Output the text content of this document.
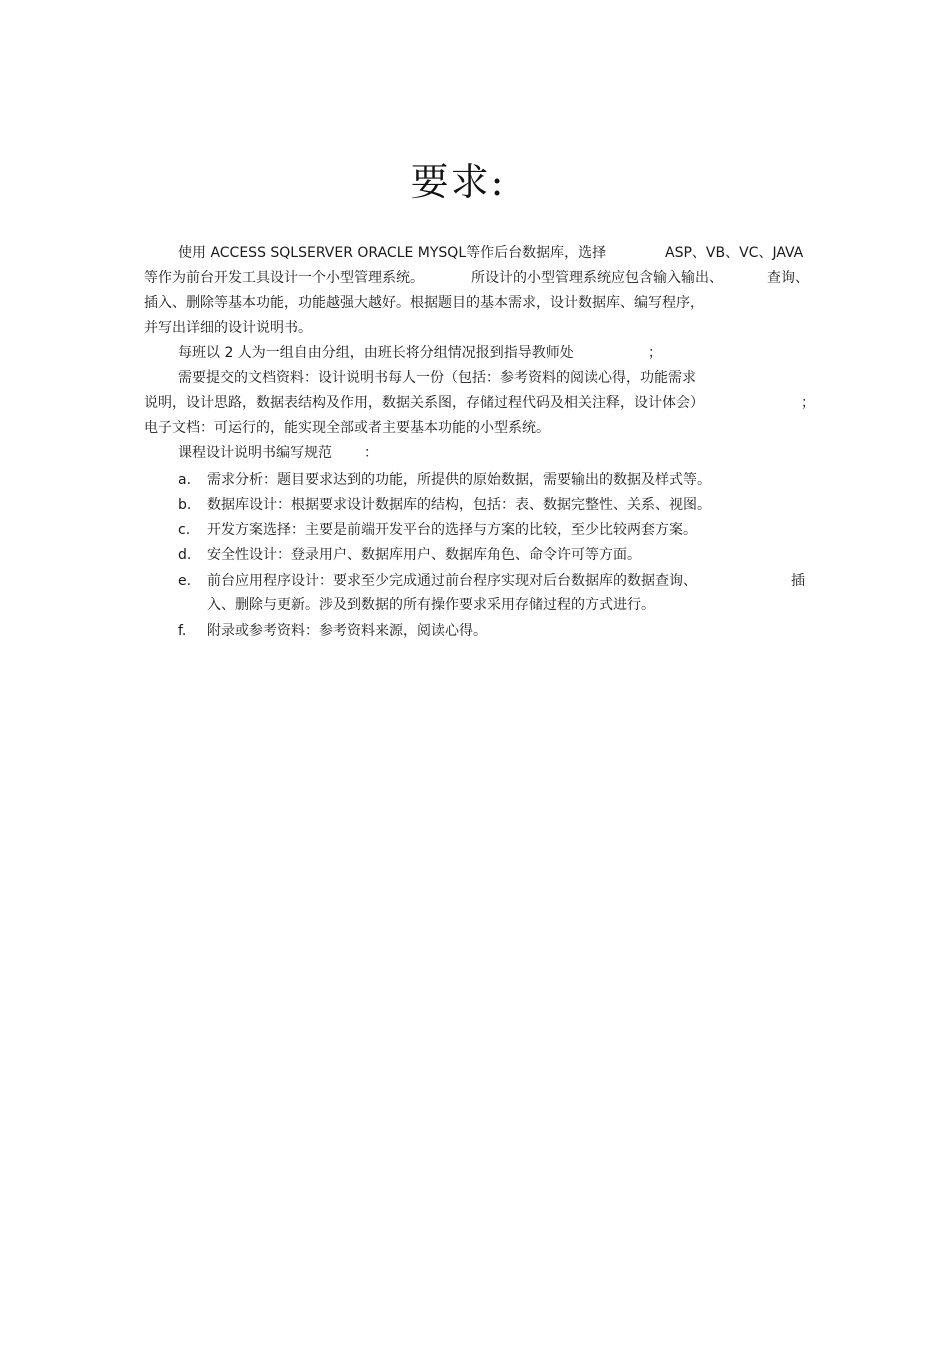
要求:
使用 ACCESS SQLSERVER ORACLE MYSQL等作后台数据库，选择	ASP、VB、VC、JAVA
等作为前台开发工具设计一个小型管理系统。	所设计的小型管理系统应包含输入输出、	查询、
插入、删除等基本功能，功能越强大越好。根据题目的基本需求，设计数据库、编写程序，
并写出详细的设计说明书。
每班以 2 人为一组自由分组，由班长将分组情况报到指导教师处	；
需要提交的文档资料：设计说明书每人一份（包括：参考资料的阅读心得，功能需求
说明，设计思路，数据表结构及作用，数据关系图，存储过程代码及相关注释，设计体会）	；
电子文档：可运行的，能实现全部或者主要基本功能的小型系统。
课程设计说明书编写规范 ：
a.	需求分析：题目要求达到的功能，所提供的原始数据，需要输出的数据及样式等。
b.	数据库设计：根据要求设计数据库的结构，包括：表、数据完整性、关系、视图。
c.	开发方案选择：主要是前端开发平台的选择与方案的比较，至少比较两套方案。
d.	安全性设计：登录用户、数据库用户、数据库角色、命令许可等方面。
e.	前台应用程序设计：要求至少完成通过前台程序实现对后台数据库的数据查询、
入、删除与更新。涉及到数据的所有操作要求采用存储过程的方式进行。
插
f.	附录或参考资料：参考资料来源，阅读心得。
